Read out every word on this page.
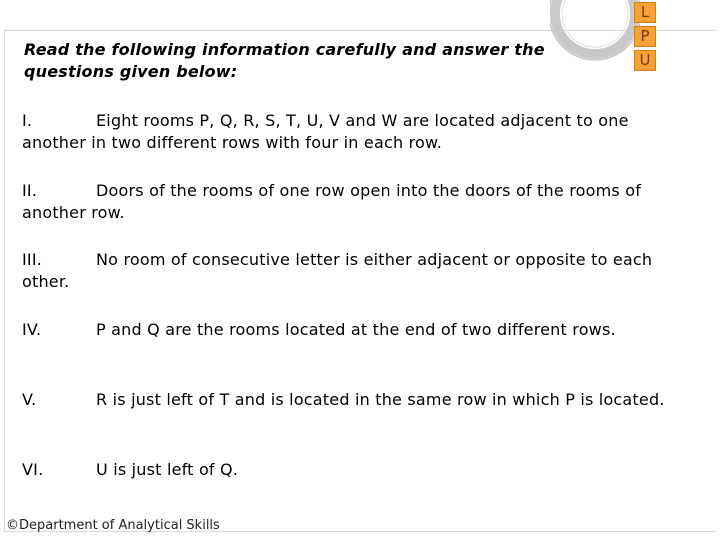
L
P
U
Read the following information carefully and answer the questions given below:
I.	Eight rooms P, Q, R, S, T, U, V and W are located adjacent to one another in two different rows with four in each row.
II.	Doors of the rooms of one row open into the doors of the rooms of another row.
III.	No room of consecutive letter is either adjacent or opposite to each other.
IV.	P and Q are the rooms located at the end of two different rows.
V.	R is just left of T and is located in the same row in which P is located.
VI.	U is just left of Q.
©Department of Analytical Skills
